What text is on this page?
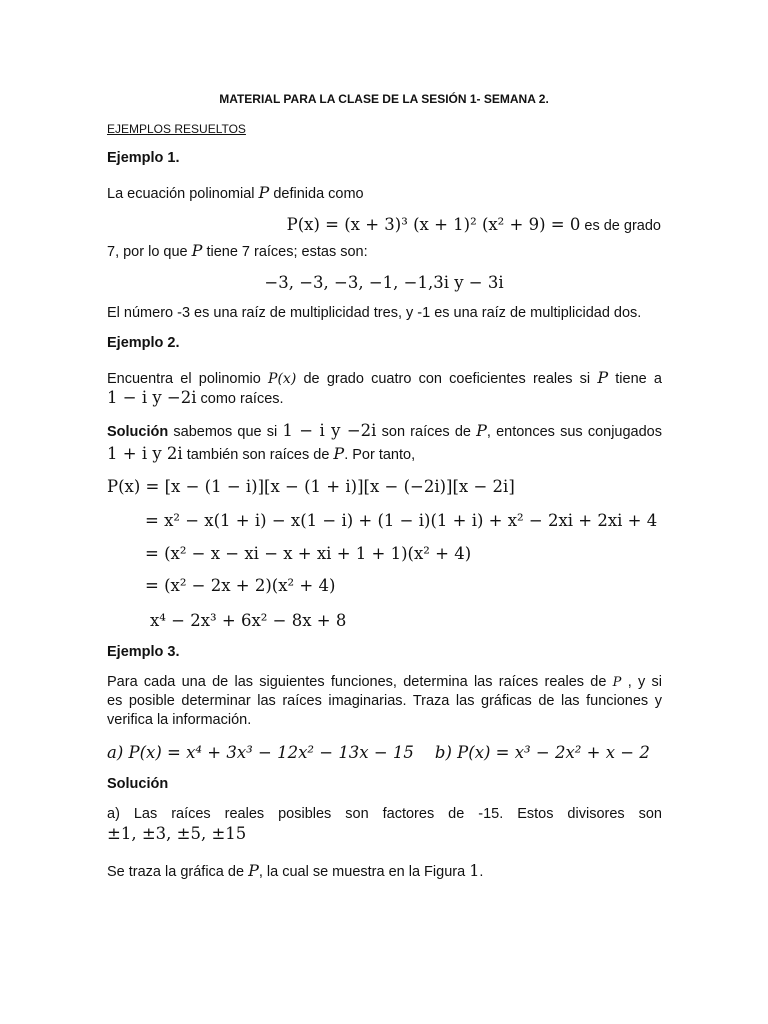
MATERIAL PARA LA CLASE DE LA SESIÓN 1- SEMANA 2.
EJEMPLOS RESUELTOS
Ejemplo 1.
La ecuación polinomial P definida como
P(x) = (x + 3)³ (x + 1)² (x² + 9) = 0 es de grado
7, por lo que P tiene 7 raíces; estas son:
−3, −3, −3, −1, −1,3i y − 3i
El número -3 es una raíz de multiplicidad tres, y -1 es una raíz de multiplicidad dos.
Ejemplo 2.
Encuentra el polinomio P(x) de grado cuatro con coeficientes reales si P tiene a
1 − i y −2i como raíces.
Solución sabemos que si 1 − i y −2i son raíces de P, entonces sus conjugados
1 + i y 2i también son raíces de P. Por tanto,
P(x) = [x − (1 − i)][x − (1 + i)][x − (−2i)][x − 2i]
= x² − x(1 + i) − x(1 − i) + (1 − i)(1 + i) + x² − 2xi + 2xi + 4
= (x² − x − xi − x + xi + 1 + 1)(x² + 4)
= (x² − 2x + 2)(x² + 4)
x⁴ − 2x³ + 6x² − 8x + 8
Ejemplo 3.
Para cada una de las siguientes funciones, determina las raíces reales de P , y si
es posible determinar las raíces imaginarias. Traza las gráficas de las funciones y
verifica la información.
a) P(x) = x⁴ + 3x³ − 12x² − 13x − 15    b) P(x) = x³ − 2x² + x − 2
Solución
a) Las raíces reales posibles son factores de -15. Estos divisores son
±1, ±3, ±5, ±15
Se traza la gráfica de P, la cual se muestra en la Figura 1.
